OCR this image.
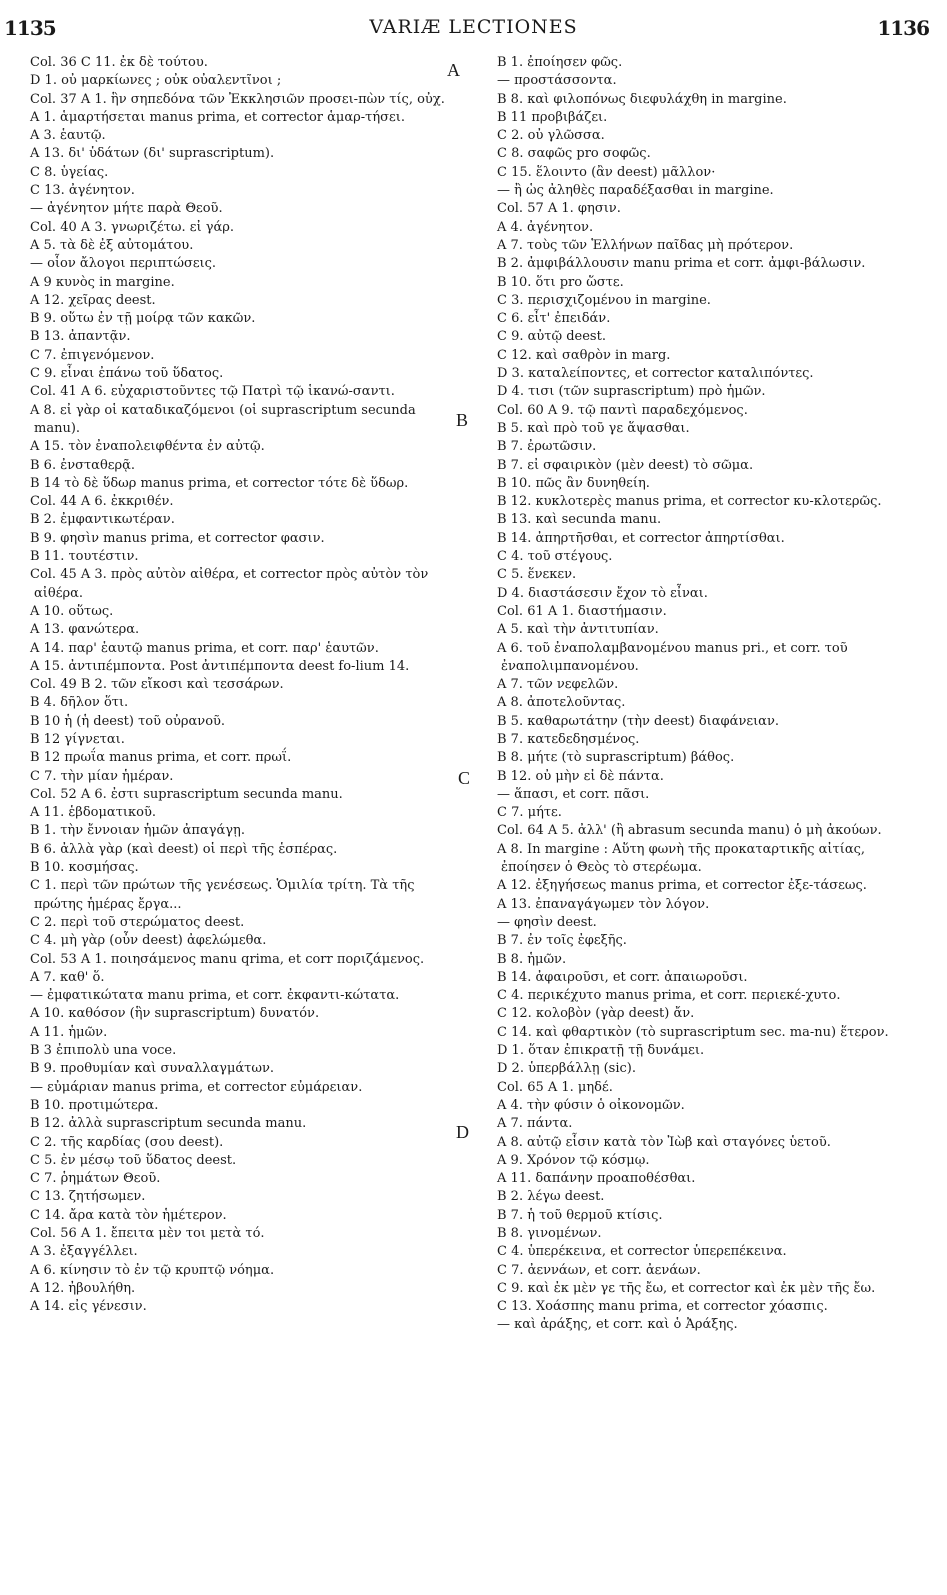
1135	VARIÆ LECTIONES	1136
A
B
C
D

Col. 36 C 11. ἐκ δὲ τούτου.

D 1. οὐ μαρκίωνες ; οὐκ οὐαλεντῖνοι ;

Col. 37 A 1. ἣν σηπεδόνα τῶν Ἐκκλησιῶν προσει-πὼν τίς, οὐχ.

A 1. ἁμαρτήσεται manus prima, et corrector ἁμαρ-τήσει.

A 3. ἑαυτῷ.

A 13. δι' ὑδάτων (δι' suprascriptum).

C 8. ὑγείας.

C 13. ἀγένητον.

— ἀγένητον μήτε παρὰ Θεοῦ.

Col. 40 A 3. γνωριζέτω. εἰ γάρ.

A 5. τὰ δὲ ἐξ αὐτομάτου.

— οἷον ἄλογοι περιπτώσεις.

A 9 κυνὸς in margine.

A 12. χεῖρας deest.

B 9. οὕτω ἐν τῇ μοίρᾳ τῶν κακῶν.

B 13. ἀπαντᾷν.

C 7. ἐπιγενόμενον.

C 9. εἶναι ἐπάνω τοῦ ὕδατος.

Col. 41 A 6. εὐχαριστοῦντες τῷ Πατρὶ τῷ ἱκανώ-σαντι.

A 8. εἰ γὰρ οἱ καταδικαζόμενοι (οἱ suprascriptum secunda manu).

A 15. τὸν ἐναπολειφθέντα ἐν αὐτῷ.

B 6. ἐνσταθερᾷ.

B 14 τὸ δὲ ὕδωρ manus prima, et corrector τότε δὲ ὕδωρ.

Col. 44 A 6. ἐκκριθέν.

B 2. ἐμφαντικωτέραν.

B 9. φησὶν manus prima, et corrector φασιν.

B 11. τουτέστιν.

Col. 45 A 3. πρὸς αὐτὸν αἰθέρα, et corrector πρὸς αὐτὸν τὸν αἰθέρα.

A 10. οὕτως.

A 13. φανώτερα.

A 14. παρ' ἑαυτῷ manus prima, et corr. παρ' ἑαυτῶν.

A 15. ἀντιπέμποντα. Post ἀντιπέμποντα deest fo-lium 14.

Col. 49 B 2. τῶν εἴκοσι καὶ τεσσάρων.

B 4. δῆλον ὅτι.

B 10 ἡ (ἡ deest) τοῦ οὐρανοῦ.

B 12 γίγνεται.

B 12 πρωΐα manus prima, et corr. πρωΐ.

C 7. τὴν μίαν ἡμέραν.

Col. 52 A 6. ἐστι suprascriptum secunda manu.

A 11. ἑβδοματικοῦ.

B 1. τὴν ἔννοιαν ἡμῶν ἀπαγάγῃ.

B 6. ἀλλὰ γὰρ (καὶ deest) οἱ περὶ τῆς ἑσπέρας.

B 10. κοσμήσας.

C 1. περὶ τῶν πρώτων τῆς γενέσεως. Ὁμιλία τρίτη. Τὰ τῆς πρώτης ἡμέρας ἔργα...

C 2. περὶ τοῦ στερώματος deest.

C 4. μὴ γὰρ (οὖν deest) ἀφελώμεθα.

Col. 53 A 1. ποιησάμενος manu qrima, et corr ποριζάμενος.

A 7. καθ' ὅ.

— ἐμφατικώτατα manu prima, et corr. ἐκφαντι-κώτατα.

A 10. καθόσον (ἣν suprascriptum) δυνατόν.

A 11. ἡμῶν.

B 3 ἐπιπολὺ una voce.

B 9. προθυμίαν καὶ συναλλαγμάτων.

— εὐμάριαν manus prima, et corrector εὐμάρειαν.

B 10. προτιμώτερα.

B 12. ἀλλὰ suprascriptum secunda manu.

C 2. τῆς καρδίας (σου deest).

C 5. ἐν μέσῳ τοῦ ὕδατος deest.

C 7. ῥημάτων Θεοῦ.

C 13. ζητήσωμεν.

C 14. ἄρα κατὰ τὸν ἡμέτερον.

Col. 56 A 1. ἔπειτα μὲν τοι μετὰ τό.

A 3. ἐξαγγέλλει.

A 6. κίνησιν τὸ ἐν τῷ κρυπτῷ νόημα.

A 12. ἠβουλήθη.

A 14. εἰς γένεσιν.

B 1. ἐποίησεν φῶς.

— προστάσσοντα.

B 8. καὶ φιλοπόνως διεφυλάχθη in margine.

B 11 προβιβάζει.

C 2. οὐ γλῶσσα.

C 8. σαφῶς pro σοφῶς.

C 15. ἕλοιντο (ἂν deest) μᾶλλον·

— ἢ ὡς ἀληθὲς παραδέξασθαι in margine.

Col. 57 A 1. φησιν.

A 4. ἀγένητον.

A 7. τοὺς τῶν Ἑλλήνων παῖδας μὴ πρότερον.

B 2. ἀμφιβάλλουσιν manu prima et corr. ἀμφι-βάλωσιν.

B 10. ὅτι pro ὥστε.

C 3. περισχιζομένου in margine.

C 6. εἶτ' ἐπειδάν.

C 9. αὐτῷ deest.

C 12. καὶ σαθρὸν in marg.

D 3. καταλείποντες, et corrector καταλιπόντες.

D 4. τισι (τῶν suprascriptum) πρὸ ἡμῶν.

Col. 60 A 9. τῷ παντὶ παραδεχόμενος.

B 5. καὶ πρὸ τοῦ γε ἅψασθαι.

B 7. ἐρωτῶσιν.

B 7. εἰ σφαιρικὸν (μὲν deest) τὸ σῶμα.

B 10. πῶς ἂν δυνηθείη.

B 12. κυκλοτερὲς manus prima, et corrector κυ-κλοτερῶς.

B 13. καὶ secunda manu.

B 14. ἀπηρτῆσθαι, et corrector ἀπηρτίσθαι.

C 4. τοῦ στέγους.

C 5. ἕνεκεν.

D 4. διαστάσεσιν ἔχον τὸ εἶναι.

Col. 61 A 1. διαστήμασιν.

A 5. καὶ τὴν ἀντιτυπίαν.

A 6. τοῦ ἐναπολαμβανομένου manus pri., et corr. τοῦ ἐναπολιμπανομένου.

A 7. τῶν νεφελῶν.

A 8. ἀποτελοῦντας.

B 5. καθαρωτάτην (τὴν deest) διαφάνειαν.

B 7. κατεδεδησμένος.

B 8. μήτε (τὸ suprascriptum) βάθος.

B 12. οὐ μὴν εἰ δὲ πάντα.

— ἅπασι, et corr. πᾶσι.

C 7. μήτε.

Col. 64 A 5. ἀλλ' (ἢ abrasum secunda manu) ὁ μὴ ἀκούων.

A 8. In margine : Αὕτη φωνὴ τῆς προκαταρτικῆς αἰτίας, ἐποίησεν ὁ Θεὸς τὸ στερέωμα.

A 12. ἐξηγήσεως manus prima, et corrector ἐξε-τάσεως.

A 13. ἐπαναγάγωμεν τὸν λόγον.

— φησὶν deest.

B 7. ἐν τοῖς ἐφεξῆς.

B 8. ἡμῶν.

B 14. ἀφαιροῦσι, et corr. ἀπαιωροῦσι.

C 4. περικέχυτο manus prima, et corr. περιεκέ-χυτο.

C 12. κολοβὸν (γὰρ deest) ἄν.

C 14. καὶ φθαρτικὸν (τὸ suprascriptum sec. ma-nu) ἕτερον.

D 1. ὅταν ἐπικρατῇ τῇ δυνάμει.

D 2. ὑπερβάλλῃ (sic).

Col. 65 A 1. μηδέ.

A 4. τὴν φύσιν ὁ οἰκονομῶν.

A 7. πάντα.

A 8. αὐτῷ εἶσιν κατὰ τὸν Ἰὼβ καὶ σταγόνες ὑετοῦ.

A 9. Χρόνον τῷ κόσμῳ.

A 11. δαπάνην προαποθέσθαι.

B 2. λέγω deest.

B 7. ἡ τοῦ θερμοῦ κτίσις.

B 8. γινομένων.

C 4. ὑπερέκεινα, et corrector ὑπερεπέκεινα.

C 7. ἀεννάων, et corr. ἀενάων.

C 9. καὶ ἐκ μὲν γε τῆς ἔω, et corrector καὶ ἐκ μὲν τῆς ἔω.

C 13. Χοάσπης manu prima, et corrector χόασπις.

— καὶ ἀράξης, et corr. καὶ ὁ Ἀράξης.
